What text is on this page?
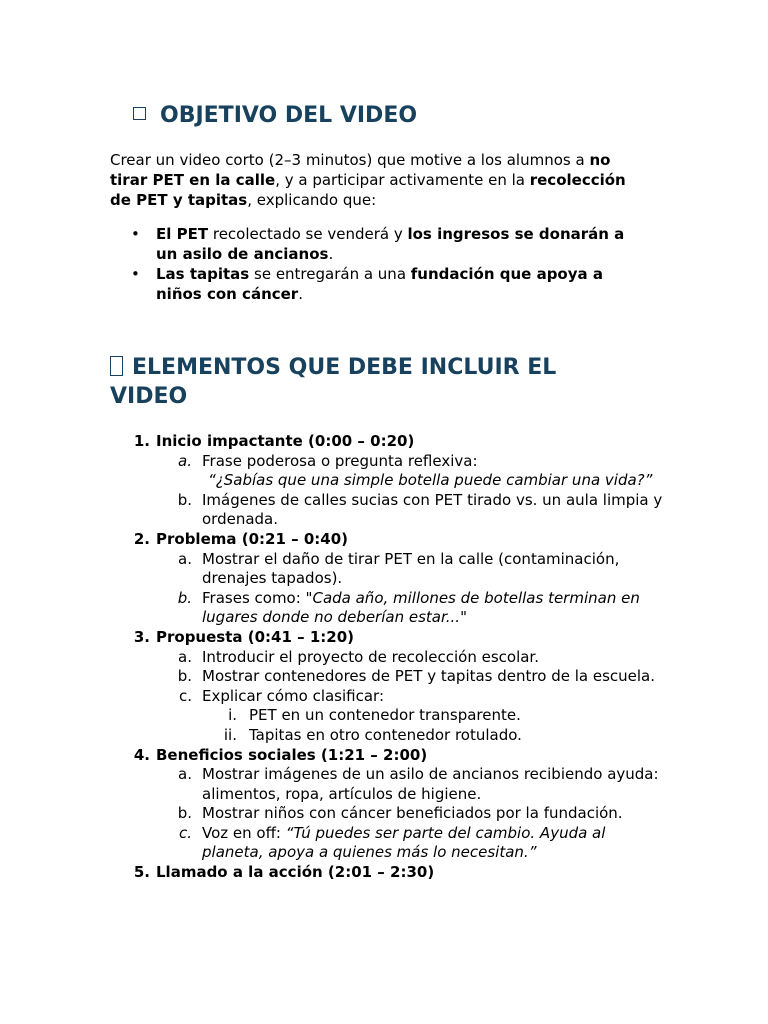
OBJETIVO DEL VIDEO

Crear un video corto (2–3 minutos) que motive a los alumnos a no tirar PET en la calle, y a participar activamente en la recolección de PET y tapitas, explicando que:

• El PET recolectado se venderá y los ingresos se donarán a un asilo de ancianos.
• Las tapitas se entregarán a una fundación que apoya a niños con cáncer.
ELEMENTOS QUE DEBE INCLUIR EL VIDEO
1. Inicio impactante (0:00 – 0:20)
a. Frase poderosa o pregunta reflexiva:
“¿Sabías que una simple botella puede cambiar una vida?”
b. Imágenes de calles sucias con PET tirado vs. un aula limpia y ordenada.
2. Problema (0:21 – 0:40)
a. Mostrar el daño de tirar PET en la calle (contaminación, drenajes tapados).
b. Frases como: "Cada año, millones de botellas terminan en lugares donde no deberían estar..."
3. Propuesta (0:41 – 1:20)
a. Introducir el proyecto de recolección escolar.
b. Mostrar contenedores de PET y tapitas dentro de la escuela.
c. Explicar cómo clasificar:
i. PET en un contenedor transparente.
ii. Tapitas en otro contenedor rotulado.
4. Beneficios sociales (1:21 – 2:00)
a. Mostrar imágenes de un asilo de ancianos recibiendo ayuda: alimentos, ropa, artículos de higiene.
b. Mostrar niños con cáncer beneficiados por la fundación.
c. Voz en off: “Tú puedes ser parte del cambio. Ayuda al planeta, apoya a quienes más lo necesitan.”
5. Llamado a la acción (2:01 – 2:30)
